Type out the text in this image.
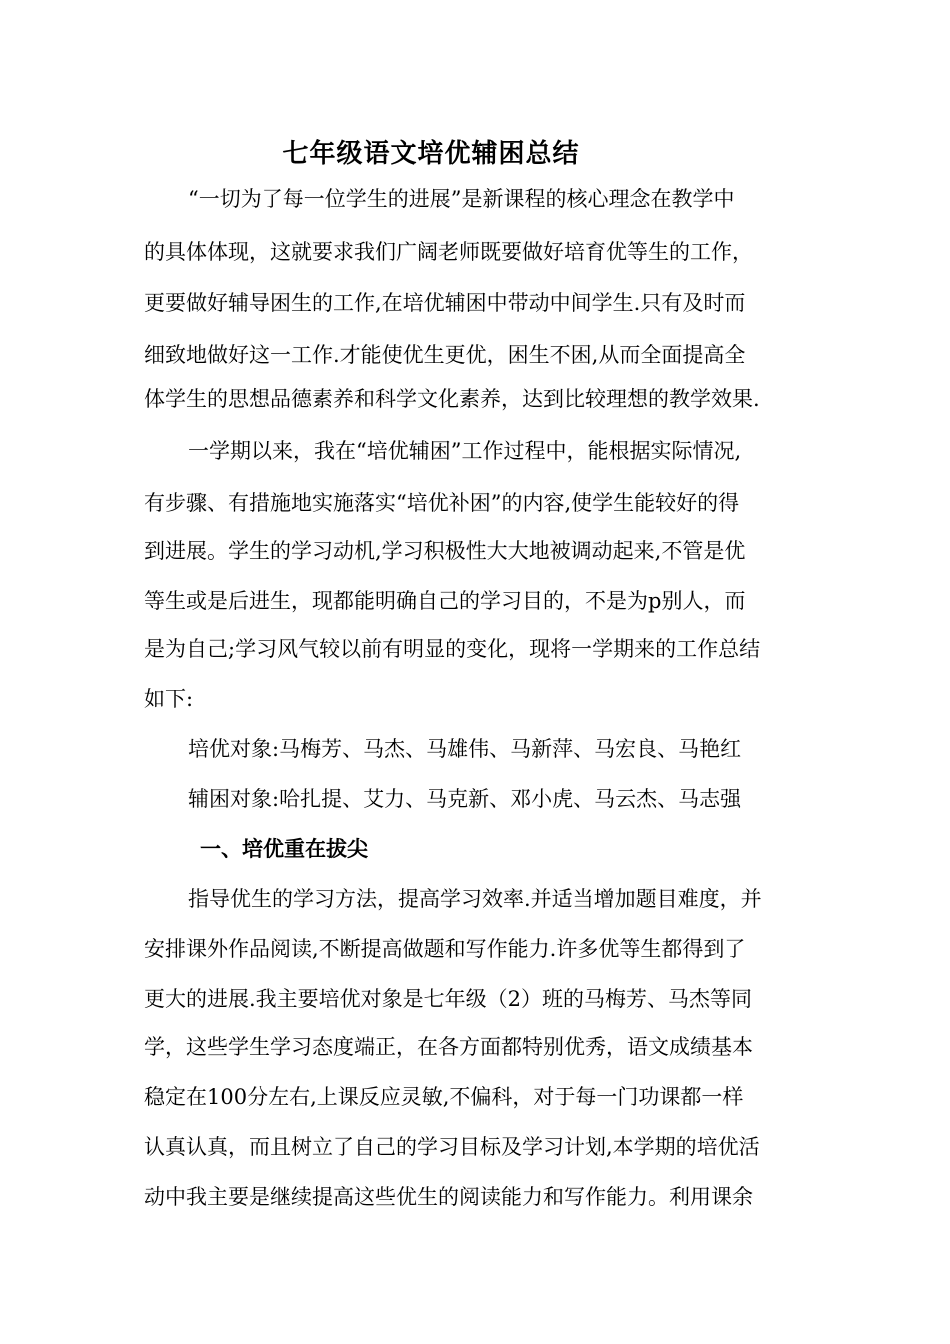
七年级语文培优辅困总结

“一切为了每一位学生的进展”是新课程的核心理念在教学中

的具体体现，这就要求我们广阔老师既要做好培育优等生的工作，

更要做好辅导困生的工作,在培优辅困中带动中间学生.只有及时而

细致地做好这一工作.才能使优生更优，困生不困,从而全面提高全

体学生的思想品德素养和科学文化素养，达到比较理想的教学效果.

一学期以来，我在“培优辅困”工作过程中，能根据实际情况,

有步骤、有措施地实施落实“培优补困”的内容,使学生能较好的得

到进展。学生的学习动机,学习积极性大大地被调动起来,不管是优

等生或是后进生，现都能明确自己的学习目的，不是为p别人，而

是为自己;学习风气较以前有明显的变化，现将一学期来的工作总结

如下:

培优对象:马梅芳、马杰、马雄伟、马新萍、马宏良、马艳红

辅困对象:哈扎提、艾力、马克新、邓小虎、马云杰、马志强

一、培优重在拔尖

指导优生的学习方法，提高学习效率.并适当增加题目难度，并

安排课外作品阅读,不断提高做题和写作能力.许多优等生都得到了

更大的进展.我主要培优对象是七年级（2）班的马梅芳、马杰等同

学，这些学生学习态度端正，在各方面都特别优秀，语文成绩基本

稳定在100分左右,上课反应灵敏,不偏科，对于每一门功课都一样

认真认真，而且树立了自己的学习目标及学习计划,本学期的培优活

动中我主要是继续提高这些优生的阅读能力和写作能力。利用课余
